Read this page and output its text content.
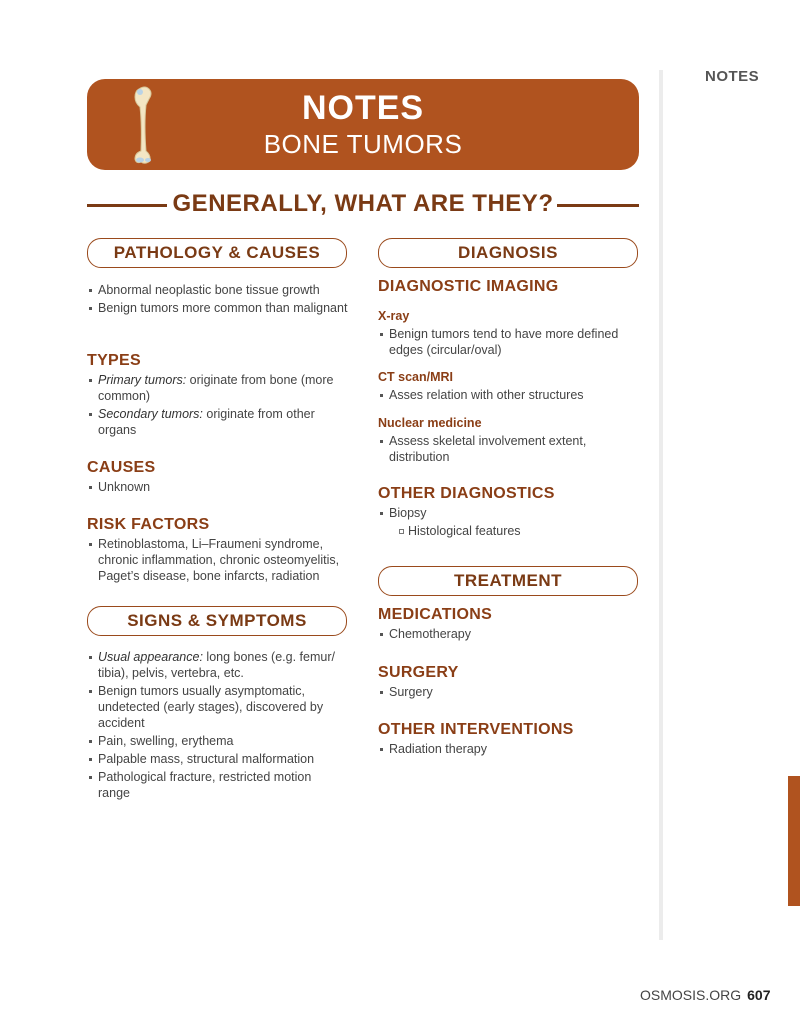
NOTES
NOTES
BONE TUMORS
GENERALLY, WHAT ARE THEY?
PATHOLOGY & CAUSES
Abnormal neoplastic bone tissue growth
Benign tumors more common than malignant
TYPES
Primary tumors: originate from bone (more common)
Secondary tumors: originate from other organs
CAUSES
Unknown
RISK FACTORS
Retinoblastoma, Li–Fraumeni syndrome, chronic inflammation, chronic osteomyelitis, Paget’s disease, bone infarcts, radiation
SIGNS & SYMPTOMS
Usual appearance: long bones (e.g. femur/ tibia), pelvis, vertebra, etc.
Benign tumors usually asymptomatic, undetected (early stages), discovered by accident
Pain, swelling, erythema
Palpable mass, structural malformation
Pathological fracture, restricted motion range
DIAGNOSIS
DIAGNOSTIC IMAGING
X-ray
Benign tumors tend to have more defined edges (circular/oval)
CT scan/MRI
Asses relation with other structures
Nuclear medicine
Assess skeletal involvement extent, distribution
OTHER DIAGNOSTICS
Biopsy
Histological features
TREATMENT
MEDICATIONS
Chemotherapy
SURGERY
Surgery
OTHER INTERVENTIONS
Radiation therapy
OSMOSIS.ORG 607
